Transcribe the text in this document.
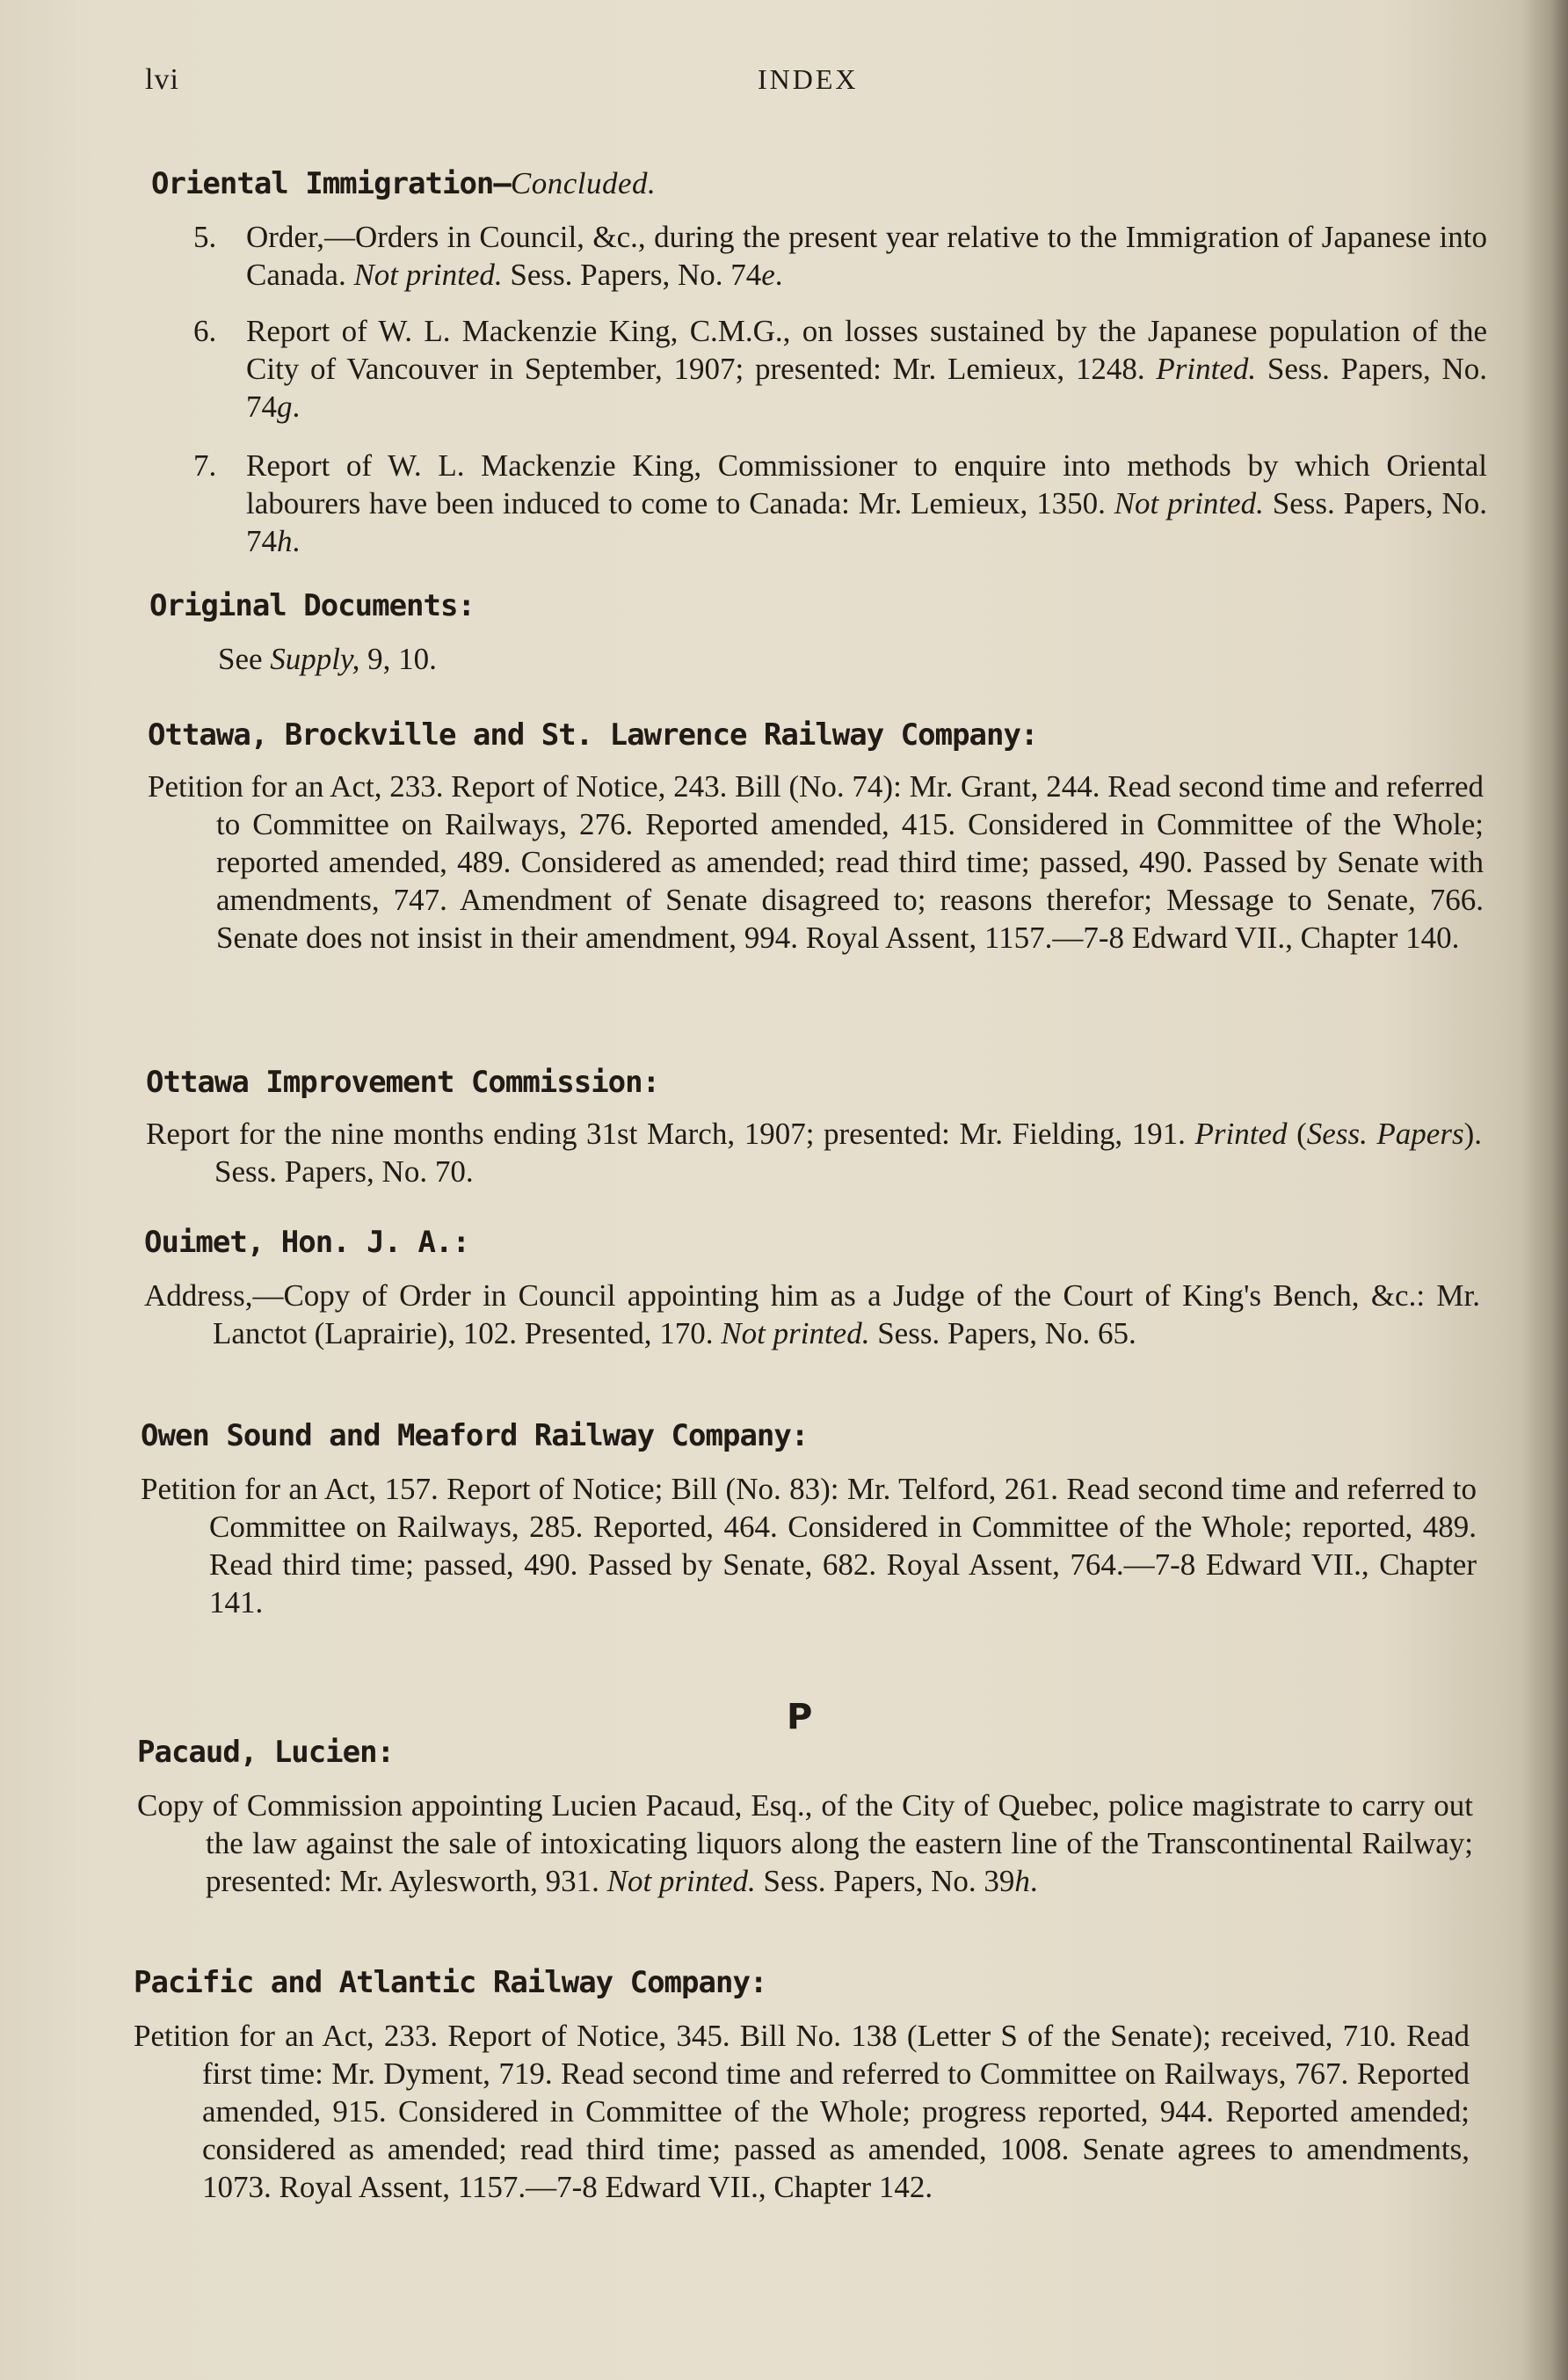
lvi	INDEX
Oriental Immigration—Concluded.
5. Order,—Orders in Council, &c., during the present year relative to the Immigration of Japanese into Canada. Not printed. Sess. Papers, No. 74e.
6. Report of W. L. Mackenzie King, C.M.G., on losses sustained by the Japanese population of the City of Vancouver in September, 1907; presented: Mr. Lemieux, 1248. Printed. Sess. Papers, No. 74g.
7. Report of W. L. Mackenzie King, Commissioner to enquire into methods by which Oriental labourers have been induced to come to Canada: Mr. Lemieux, 1350. Not printed. Sess. Papers, No. 74h.
Original Documents:
See Supply, 9, 10.
Ottawa, Brockville and St. Lawrence Railway Company:
Petition for an Act, 233. Report of Notice, 243. Bill (No. 74): Mr. Grant, 244. Read second time and referred to Committee on Railways, 276. Reported amended, 415. Considered in Committee of the Whole; reported amended, 489. Considered as amended; read third time; passed, 490. Passed by Senate with amendments, 747. Amendment of Senate disagreed to; reasons therefor; Message to Senate, 766. Senate does not insist in their amendment, 994. Royal Assent, 1157.—7-8 Edward VII., Chapter 140.
Ottawa Improvement Commission:
Report for the nine months ending 31st March, 1907; presented: Mr. Fielding, 191. Printed (Sess. Papers). Sess. Papers, No. 70.
Ouimet, Hon. J. A.:
Address,—Copy of Order in Council appointing him as a Judge of the Court of King's Bench, &c.: Mr. Lanctot (Laprairie), 102. Presented, 170. Not printed. Sess. Papers, No. 65.
Owen Sound and Meaford Railway Company:
Petition for an Act, 157. Report of Notice; Bill (No. 83): Mr. Telford, 261. Read second time and referred to Committee on Railways, 285. Reported, 464. Considered in Committee of the Whole; reported, 489. Read third time; passed, 490. Passed by Senate, 682. Royal Assent, 764.—7-8 Edward VII., Chapter 141.
P
Pacaud, Lucien:
Copy of Commission appointing Lucien Pacaud, Esq., of the City of Quebec, police magistrate to carry out the law against the sale of intoxicating liquors along the eastern line of the Transcontinental Railway; presented: Mr. Aylesworth, 931. Not printed. Sess. Papers, No. 39h.
Pacific and Atlantic Railway Company:
Petition for an Act, 233. Report of Notice, 345. Bill No. 138 (Letter S of the Senate); received, 710. Read first time: Mr. Dyment, 719. Read second time and referred to Committee on Railways, 767. Reported amended, 915. Considered in Committee of the Whole; progress reported, 944. Reported amended; considered as amended; read third time; passed as amended, 1008. Senate agrees to amendments, 1073. Royal Assent, 1157.—7-8 Edward VII., Chapter 142.
